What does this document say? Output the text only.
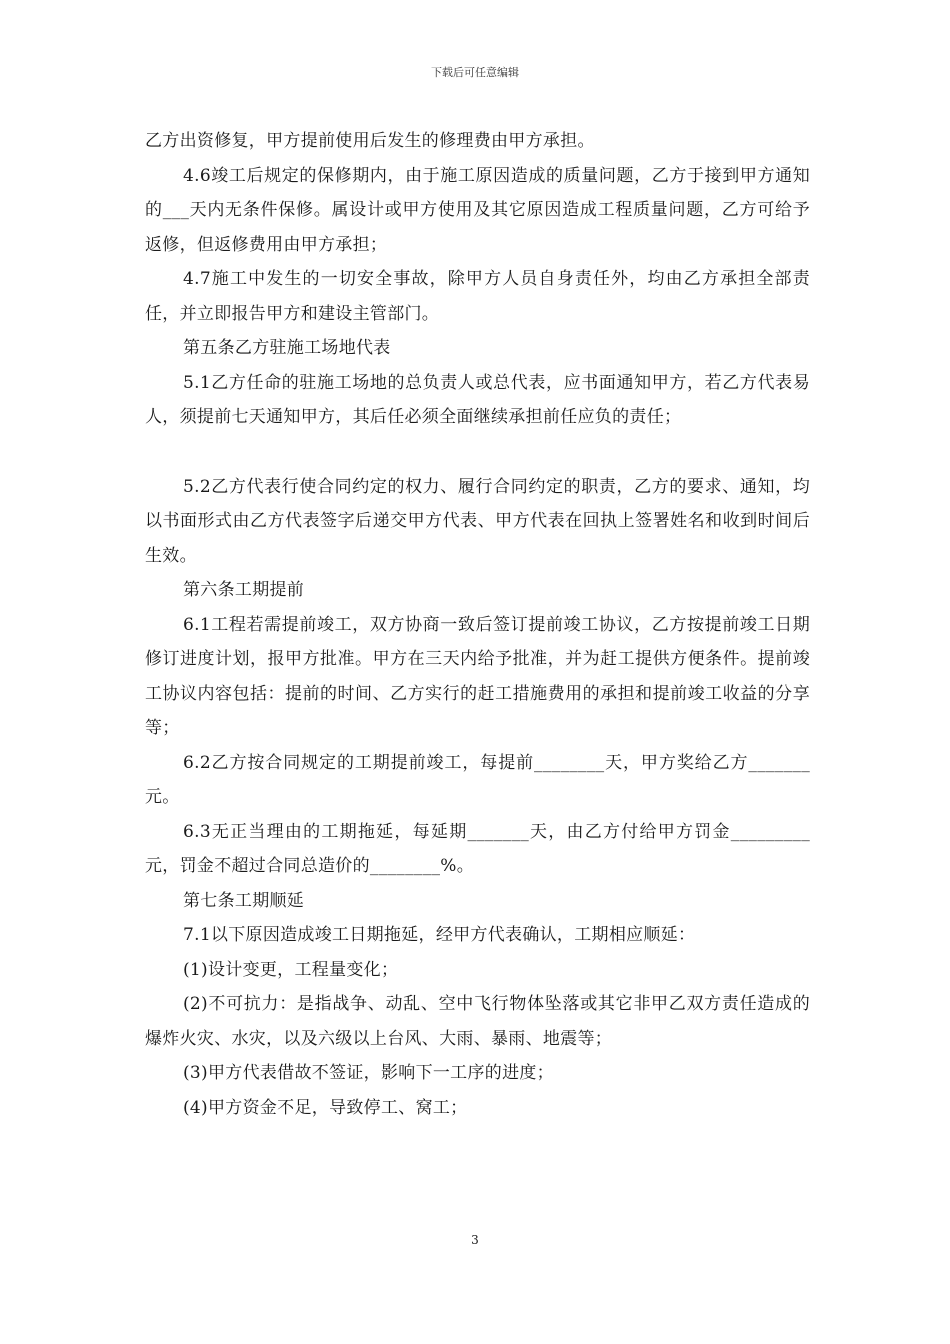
下载后可任意编辑

乙方出资修复，甲方提前使用后发生的修理费由甲方承担。

4.6竣工后规定的保修期内，由于施工原因造成的质量问题，乙方于接到甲方通知的___天内无条件保修。属设计或甲方使用及其它原因造成工程质量问题，乙方可给予返修，但返修费用由甲方承担；

4.7施工中发生的一切安全事故，除甲方人员自身责任外，均由乙方承担全部责任，并立即报告甲方和建设主管部门。

第五条乙方驻施工场地代表

5.1乙方任命的驻施工场地的总负责人或总代表，应书面通知甲方，若乙方代表易人，须提前七天通知甲方，其后任必须全面继续承担前任应负的责任；

5.2乙方代表行使合同约定的权力、履行合同约定的职责，乙方的要求、通知，均以书面形式由乙方代表签字后递交甲方代表、甲方代表在回执上签署姓名和收到时间后生效。

第六条工期提前

6.1工程若需提前竣工，双方协商一致后签订提前竣工协议，乙方按提前竣工日期修订进度计划，报甲方批准。甲方在三天内给予批准，并为赶工提供方便条件。提前竣工协议内容包括：提前的时间、乙方实行的赶工措施费用的承担和提前竣工收益的分享等；

6.2乙方按合同规定的工期提前竣工，每提前________天，甲方奖给乙方_______元。

6.3无正当理由的工期拖延，每延期_______天，由乙方付给甲方罚金_________元，罚金不超过合同总造价的________%。

第七条工期顺延

7.1以下原因造成竣工日期拖延，经甲方代表确认，工期相应顺延：

(1)设计变更，工程量变化；

(2)不可抗力：是指战争、动乱、空中飞行物体坠落或其它非甲乙双方责任造成的爆炸火灾、水灾，以及六级以上台风、大雨、暴雨、地震等；

(3)甲方代表借故不签证，影响下一工序的进度；

(4)甲方资金不足，导致停工、窝工；

3
